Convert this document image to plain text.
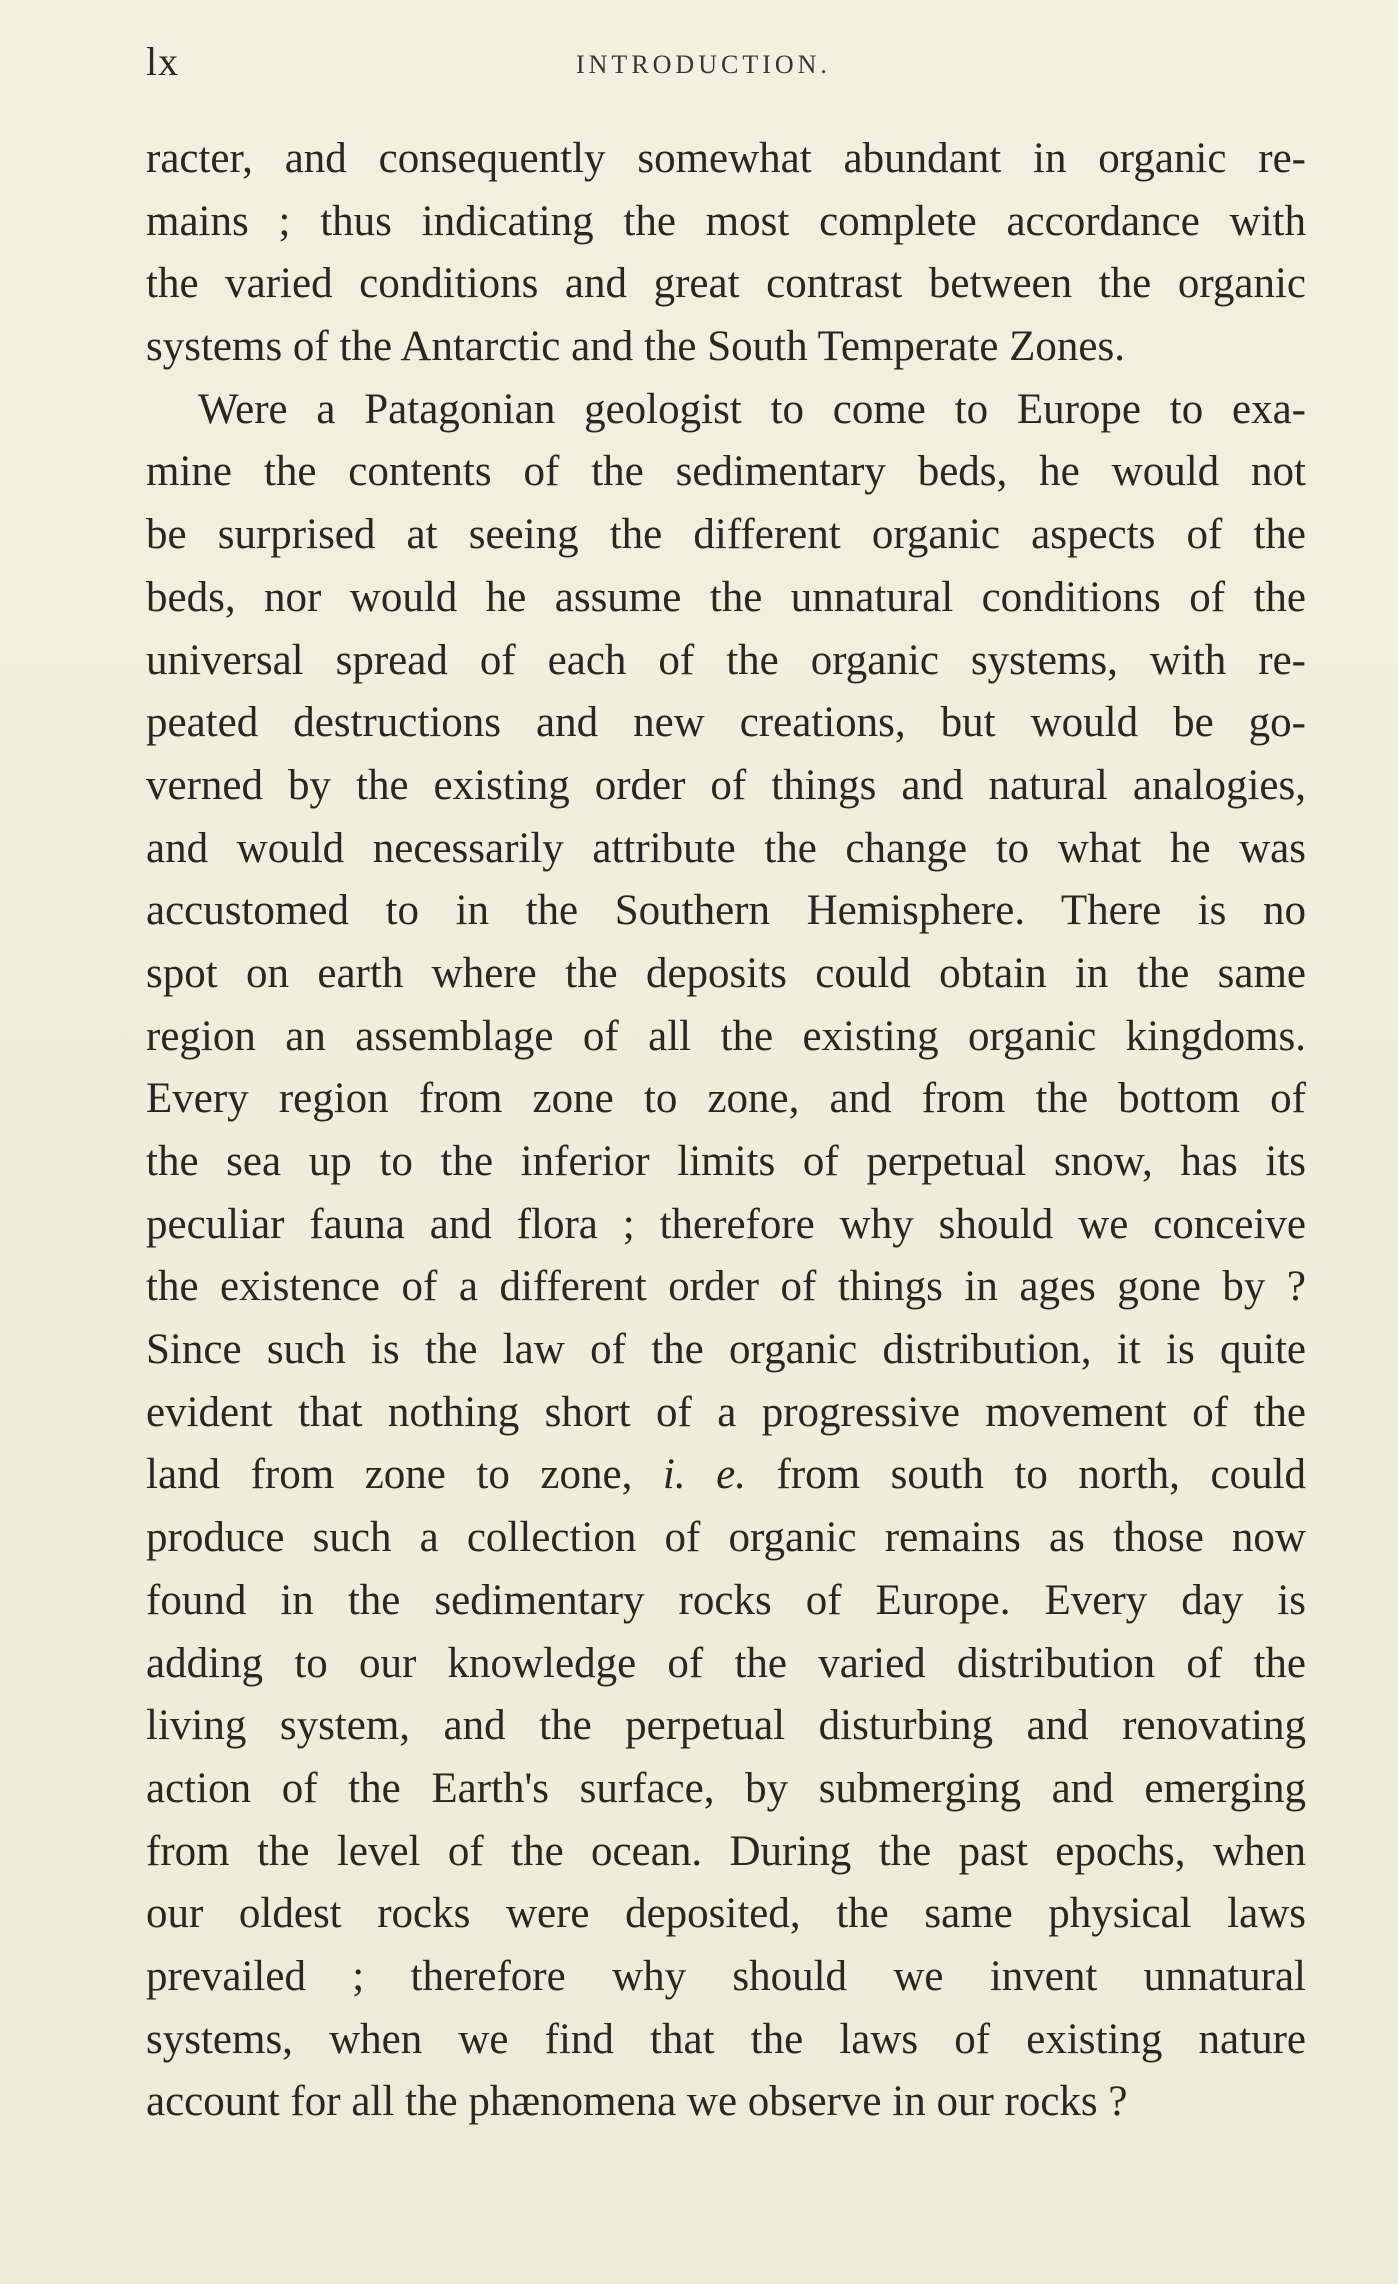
lx	INTRODUCTION.
racter, and consequently somewhat abundant in organic re-
mains ; thus indicating the most complete accordance with
the varied conditions and great contrast between the organic
systems of the Antarctic and the South Temperate Zones.
Were a Patagonian geologist to come to Europe to exa-
mine the contents of the sedimentary beds, he would not
be surprised at seeing the different organic aspects of the
beds, nor would he assume the unnatural conditions of the
universal spread of each of the organic systems, with re-
peated destructions and new creations, but would be go-
verned by the existing order of things and natural analogies,
and would necessarily attribute the change to what he was
accustomed to in the Southern Hemisphere. There is no
spot on earth where the deposits could obtain in the same
region an assemblage of all the existing organic kingdoms.
Every region from zone to zone, and from the bottom of
the sea up to the inferior limits of perpetual snow, has its
peculiar fauna and flora ; therefore why should we conceive
the existence of a different order of things in ages gone by ?
Since such is the law of the organic distribution, it is quite
evident that nothing short of a progressive movement of the
land from zone to zone, i. e. from south to north, could
produce such a collection of organic remains as those now
found in the sedimentary rocks of Europe. Every day is
adding to our knowledge of the varied distribution of the
living system, and the perpetual disturbing and renovating
action of the Earth's surface, by submerging and emerging
from the level of the ocean. During the past epochs, when
our oldest rocks were deposited, the same physical laws
prevailed ; therefore why should we invent unnatural
systems, when we find that the laws of existing nature
account for all the phænomena we observe in our rocks ?
